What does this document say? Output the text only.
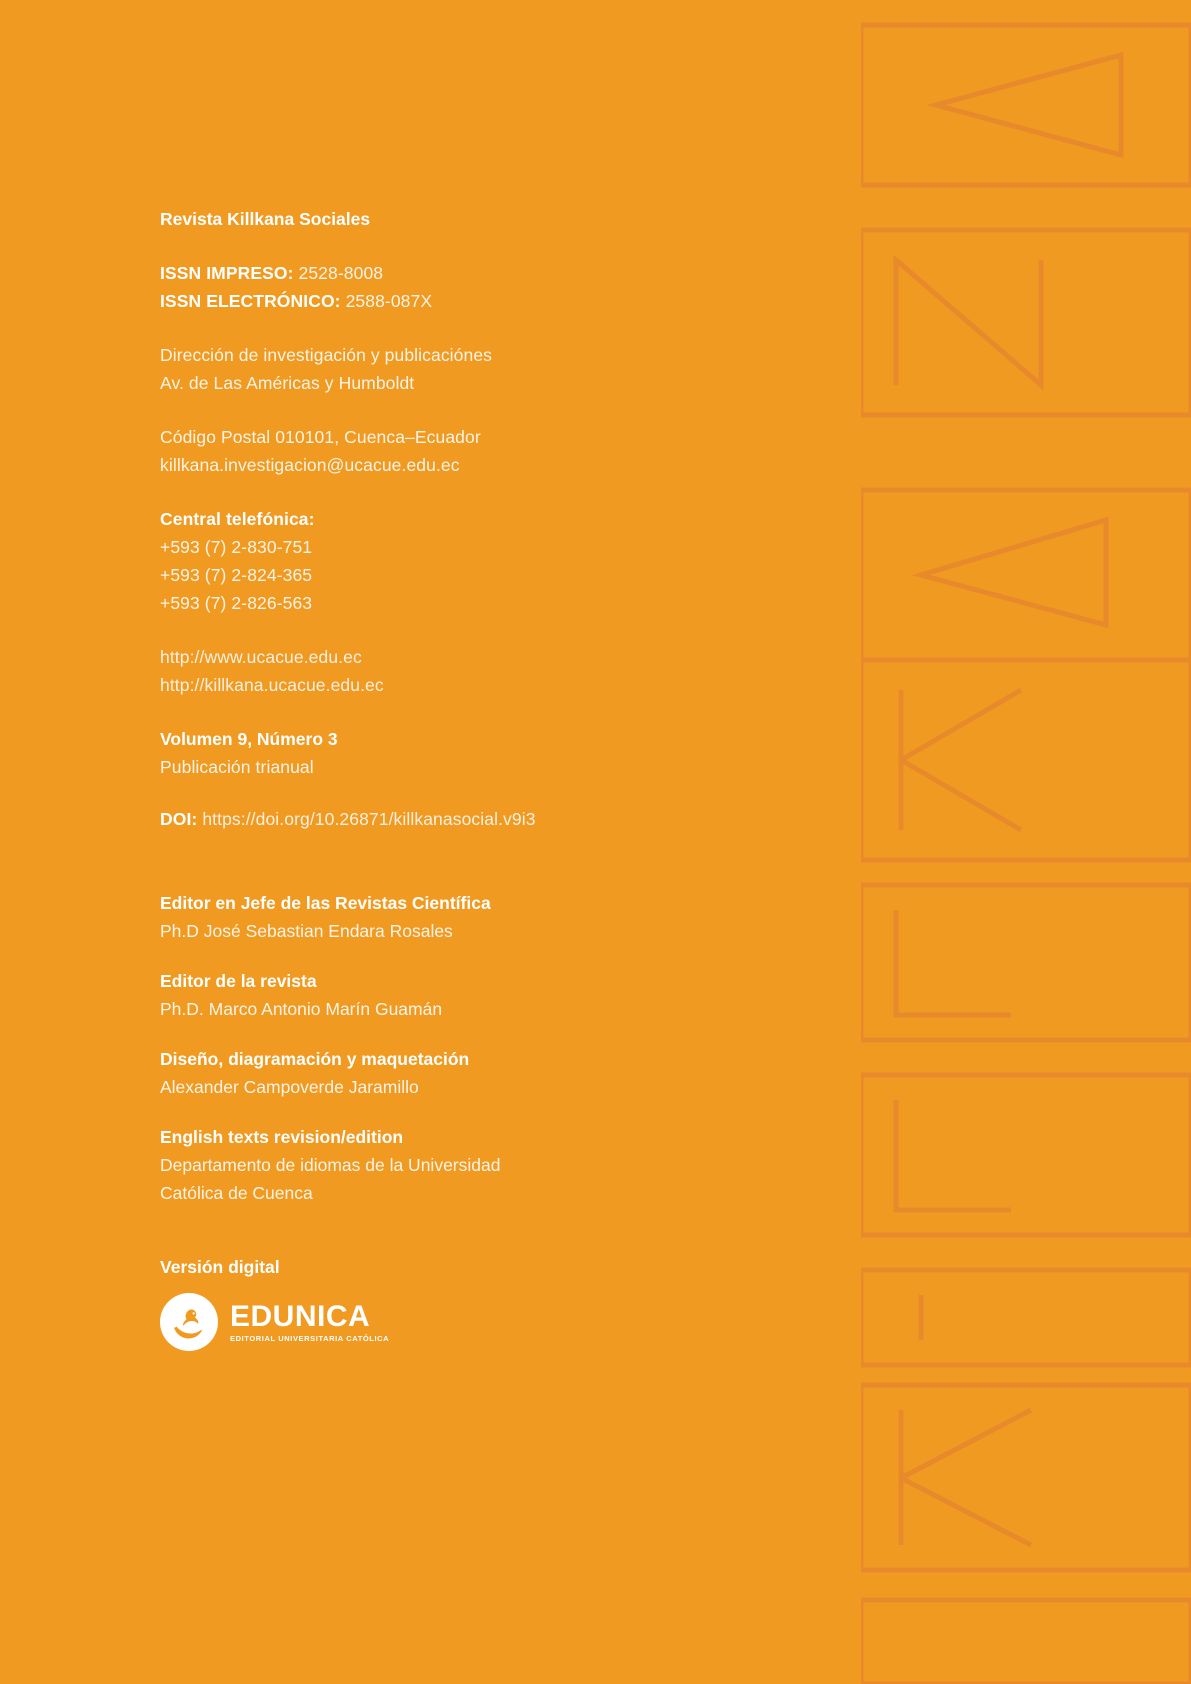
Revista Killkana Sociales
ISSN IMPRESO: 2528-8008
ISSN ELECTRÓNICO: 2588-087X
Dirección de investigación y publicaciónes
Av. de Las Américas y Humboldt
Código Postal 010101, Cuenca–Ecuador
killkana.investigacion@ucacue.edu.ec
Central telefónica:
+593 (7) 2-830-751
+593 (7) 2-824-365
+593 (7) 2-826-563
http://www.ucacue.edu.ec
http://killkana.ucacue.edu.ec
Volumen 9, Número 3
Publicación trianual
DOI: https://doi.org/10.26871/killkanasocial.v9i3
Editor en Jefe de las Revistas Científica
Ph.D José Sebastian Endara Rosales
Editor de la revista
Ph.D. Marco Antonio Marín Guamán
Diseño, diagramación y maquetación
Alexander Campoverde Jaramillo
English texts revision/edition
Departamento de idiomas de la Universidad
Católica de Cuenca
Versión digital
EDUNICA
EDITORIAL UNIVERSITARIA CATÓLICA
